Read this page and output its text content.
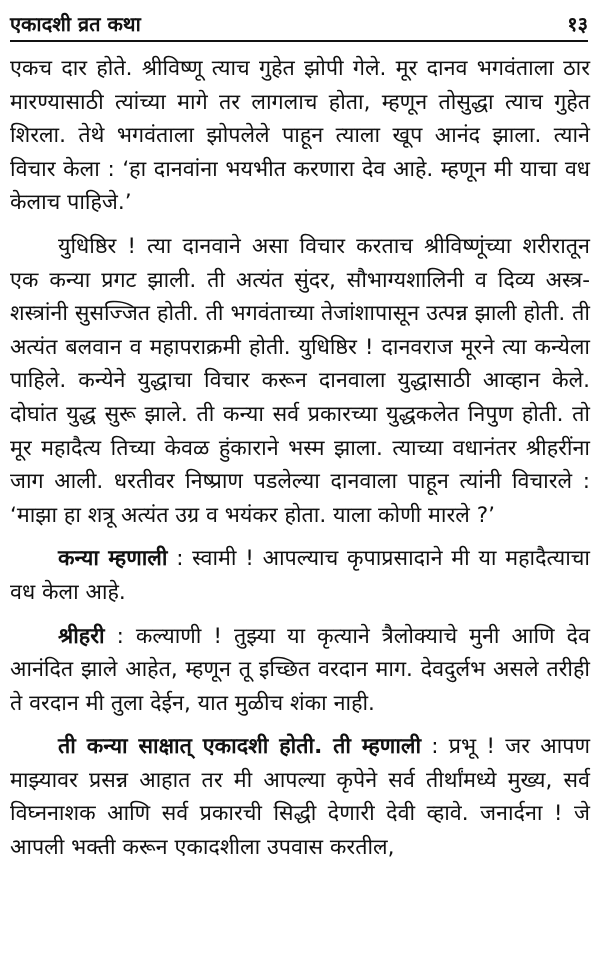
एकादशी व्रत कथा	१३

एकच दार होते. श्रीविष्णू त्याच गुहेत झोपी गेले. मूर दानव भगवंताला ठार मारण्यासाठी त्यांच्या मागे तर लागलाच होता, म्हणून तोसुद्धा त्याच गुहेत शिरला. तेथे भगवंताला झोपलेले पाहून त्याला खूप आनंद झाला. त्याने विचार केला : ‘हा दानवांना भयभीत करणारा देव आहे. म्हणून मी याचा वध केलाच पाहिजे.’

युधिष्ठिर ! त्या दानवाने असा विचार करताच श्रीविष्णूंच्या शरीरातून एक कन्या प्रगट झाली. ती अत्यंत सुंदर, सौभाग्यशालिनी व दिव्य अस्त्र-शस्त्रांनी सुसज्जित होती. ती भगवंताच्या तेजांशापासून उत्पन्न झाली होती. ती अत्यंत बलवान व महापराक्रमी होती. युधिष्ठिर ! दानवराज मूरने त्या कन्येला पाहिले. कन्येने युद्धाचा विचार करून दानवाला युद्धासाठी आव्हान केले. दोघांत युद्ध सुरू झाले. ती कन्या सर्व प्रकारच्या युद्धकलेत निपुण होती. तो मूर महादैत्य तिच्या केवळ हुंकाराने भस्म झाला. त्याच्या वधानंतर श्रीहरींना जाग आली. धरतीवर निष्प्राण पडलेल्या दानवाला पाहून त्यांनी विचारले : ‘माझा हा शत्रू अत्यंत उग्र व भयंकर होता. याला कोणी मारले ?’

कन्या म्हणाली : स्वामी ! आपल्याच कृपाप्रसादाने मी या महादैत्याचा वध केला आहे.

श्रीहरी : कल्याणी ! तुझ्या या कृत्याने त्रैलोक्याचे मुनी आणि देव आनंदित झाले आहेत, म्हणून तू इच्छित वरदान माग. देवदुर्लभ असले तरीही ते वरदान मी तुला देईन, यात मुळीच शंका नाही.

ती कन्या साक्षात् एकादशी होती. ती म्हणाली : प्रभू ! जर आपण माझ्यावर प्रसन्न आहात तर मी आपल्या कृपेने सर्व तीर्थांमध्ये मुख्य, सर्व विघ्ननाशक आणि सर्व प्रकारची सिद्धी देणारी देवी व्हावे. जनार्दना ! जे आपली भक्ती करून एकादशीला उपवास करतील,
